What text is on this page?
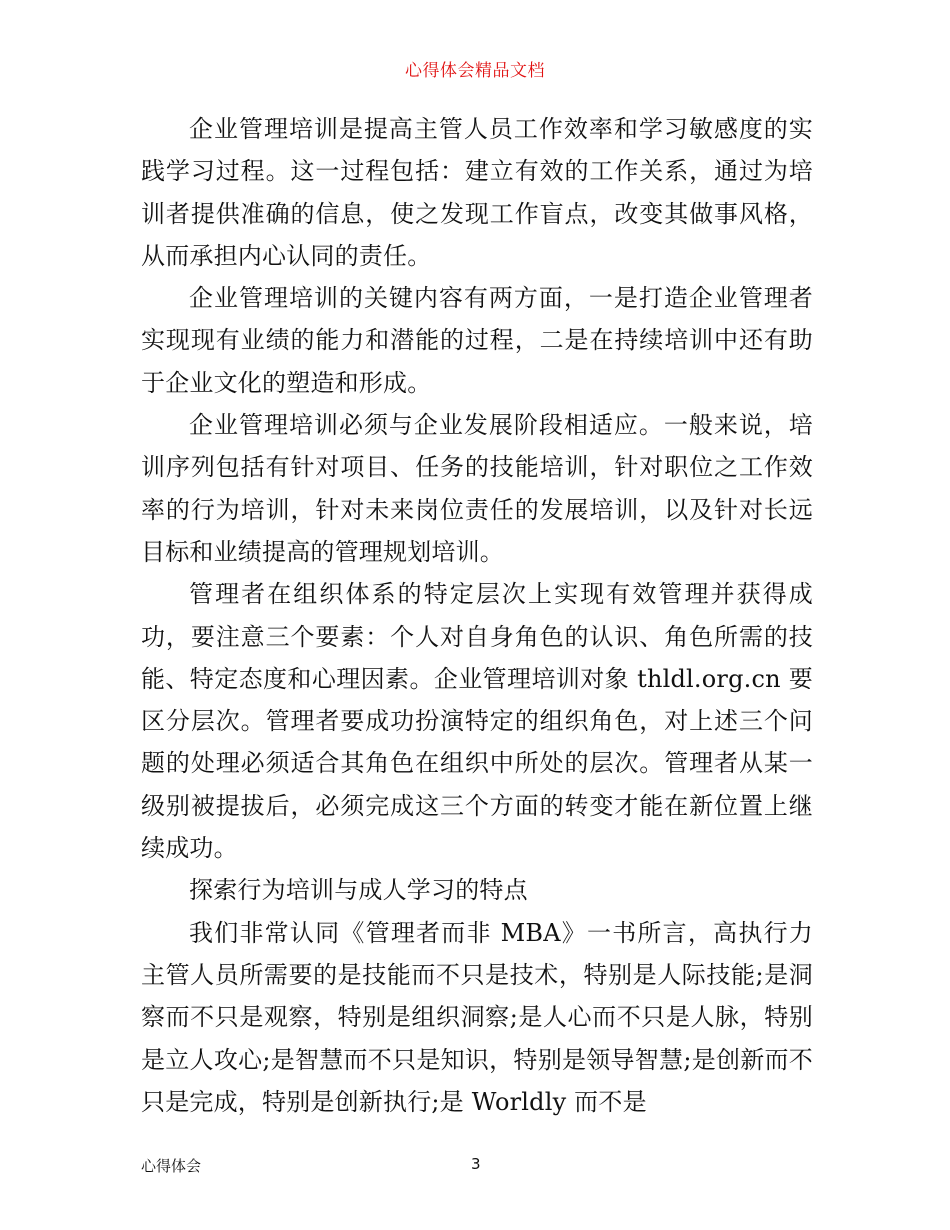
心得体会精品文档

企业管理培训是提高主管人员工作效率和学习敏感度的实践学习过程。这一过程包括：建立有效的工作关系，通过为培训者提供准确的信息，使之发现工作盲点，改变其做事风格，从而承担内心认同的责任。

企业管理培训的关键内容有两方面，一是打造企业管理者实现现有业绩的能力和潜能的过程，二是在持续培训中还有助于企业文化的塑造和形成。

企业管理培训必须与企业发展阶段相适应。一般来说，培训序列包括有针对项目、任务的技能培训，针对职位之工作效率的行为培训，针对未来岗位责任的发展培训，以及针对长远目标和业绩提高的管理规划培训。

管理者在组织体系的特定层次上实现有效管理并获得成功，要注意三个要素：个人对自身角色的认识、角色所需的技能、特定态度和心理因素。企业管理培训对象 thldl.org.cn 要区分层次。管理者要成功扮演特定的组织角色，对上述三个问题的处理必须适合其角色在组织中所处的层次。管理者从某一级别被提拔后，必须完成这三个方面的转变才能在新位置上继续成功。

探索行为培训与成人学习的特点

我们非常认同《管理者而非 MBA》一书所言，高执行力主管人员所需要的是技能而不只是技术，特别是人际技能;是洞察而不只是观察，特别是组织洞察;是人心而不只是人脉，特别是立人攻心;是智慧而不只是知识，特别是领导智慧;是创新而不只是完成，特别是创新执行;是 Worldly 而不是

心得体会	3
